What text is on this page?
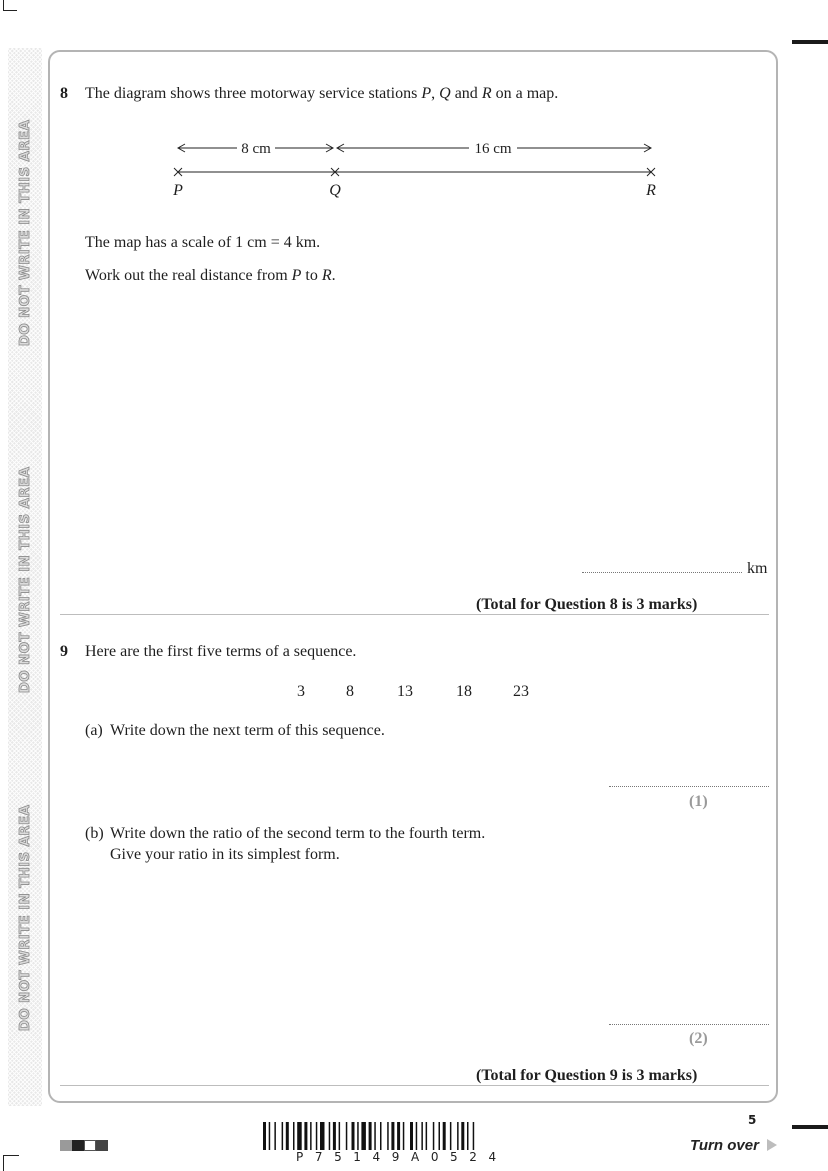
DO NOT WRITE IN THIS AREA
DO NOT WRITE IN THIS AREA
DO NOT WRITE IN THIS AREA
8 The diagram shows three motorway service stations P, Q and R on a map.
8 cm	16 cm
P	Q	R
The map has a scale of 1 cm = 4 km.
Work out the real distance from P to R.
km
(Total for Question 8 is 3 marks)
9 Here are the first five terms of a sequence.
3	8	13	18	23
(a) Write down the next term of this sequence.
(1)
(b) Write down the ratio of the second term to the fourth term.
Give your ratio in its simplest form.
(2)
(Total for Question 9 is 3 marks)
P75149A0524
5
Turn over
